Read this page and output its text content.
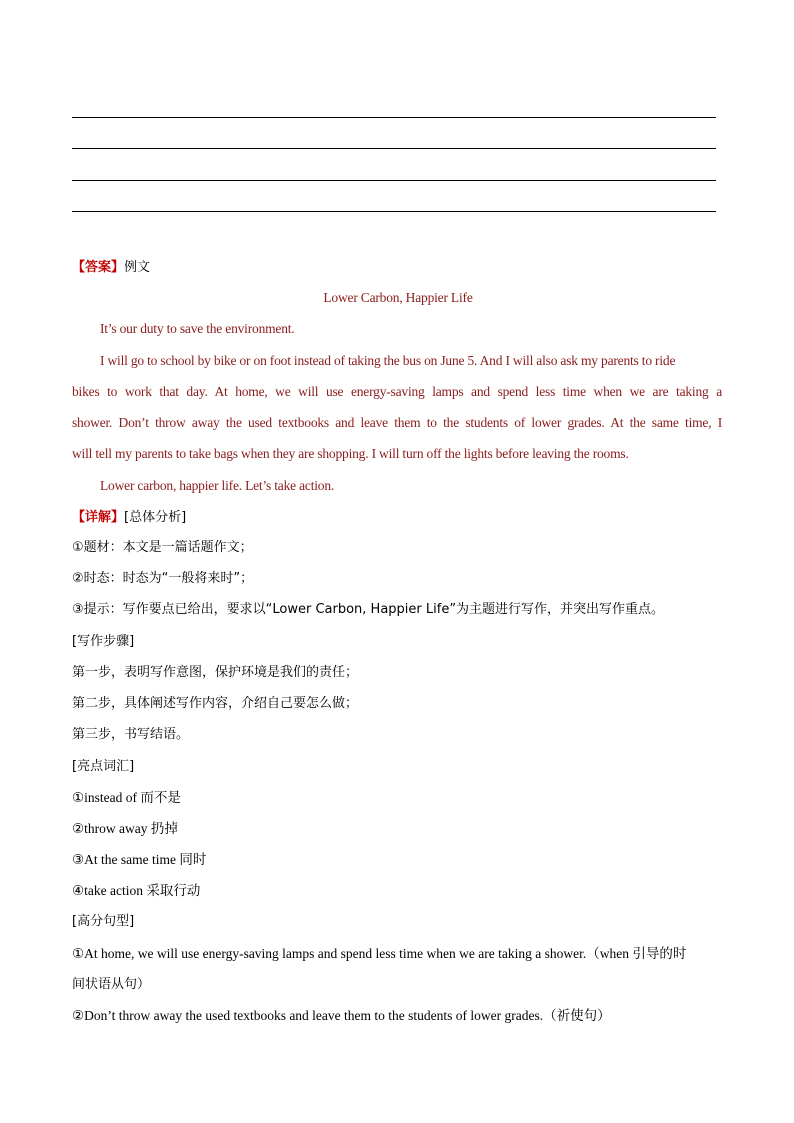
【答案】例文
Lower Carbon, Happier Life
It’s our duty to save the environment.
I will go to school by bike or on foot instead of taking the bus on June 5. And I will also ask my parents to ride
bikes to work that day. At home, we will use energy-saving lamps and spend less time when we are taking a
shower. Don’t throw away the used textbooks and leave them to the students of lower grades. At the same time, I
will tell my parents to take bags when they are shopping. I will turn off the lights before leaving the rooms.
Lower carbon, happier life. Let’s take action.
【详解】[总体分析]
①题材：本文是一篇话题作文；
②时态：时态为“一般将来时”；
③提示：写作要点已给出，要求以“Lower Carbon, Happier Life”为主题进行写作，并突出写作重点。
[写作步骤]
第一步，表明写作意图，保护环境是我们的责任；
第二步，具体阐述写作内容，介绍自己要怎么做；
第三步，书写结语。
[亮点词汇]
①instead of 而不是
②throw away 扔掉
③At the same time 同时
④take action 采取行动
[高分句型]
①At home, we will use energy-saving lamps and spend less time when we are taking a shower.（when 引导的时
间状语从句）
②Don’t throw away the used textbooks and leave them to the students of lower grades.（祈使句）
